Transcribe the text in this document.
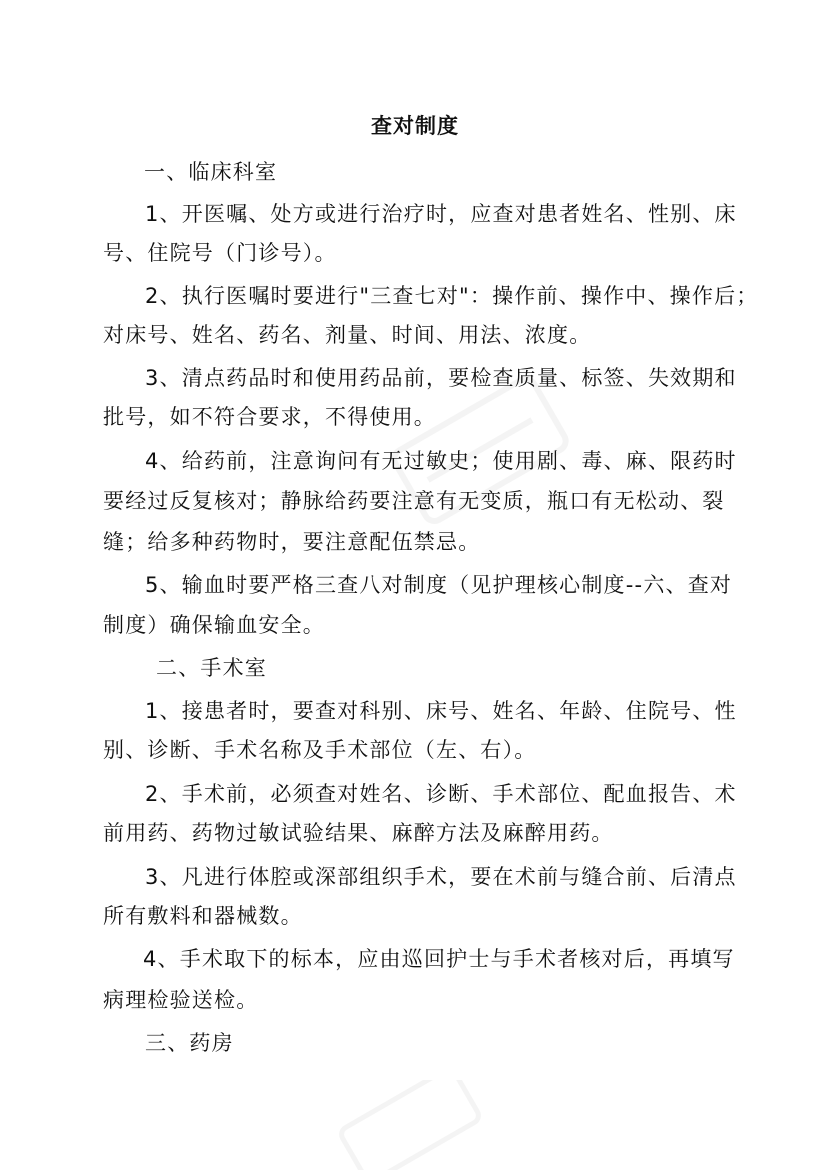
查对制度
一、临床科室
1、开医嘱、处方或进行治疗时，应查对患者姓名、性别、床
号、住院号（门诊号）。
2、执行医嘱时要进行"三查七对"：操作前、操作中、操作后；
对床号、姓名、药名、剂量、时间、用法、浓度。
3、清点药品时和使用药品前，要检查质量、标签、失效期和
批号，如不符合要求，不得使用。
4、给药前，注意询问有无过敏史；使用剧、毒、麻、限药时
要经过反复核对；静脉给药要注意有无变质，瓶口有无松动、裂
缝；给多种药物时，要注意配伍禁忌。
5、输血时要严格三查八对制度（见护理核心制度--六、查对
制度）确保输血安全。
二、手术室
1、接患者时，要查对科别、床号、姓名、年龄、住院号、性
别、诊断、手术名称及手术部位（左、右）。
2、手术前，必须查对姓名、诊断、手术部位、配血报告、术
前用药、药物过敏试验结果、麻醉方法及麻醉用药。
3、凡进行体腔或深部组织手术，要在术前与缝合前、后清点
所有敷料和器械数。
4、手术取下的标本，应由巡回护士与手术者核对后，再填写
病理检验送检。
三、药房
